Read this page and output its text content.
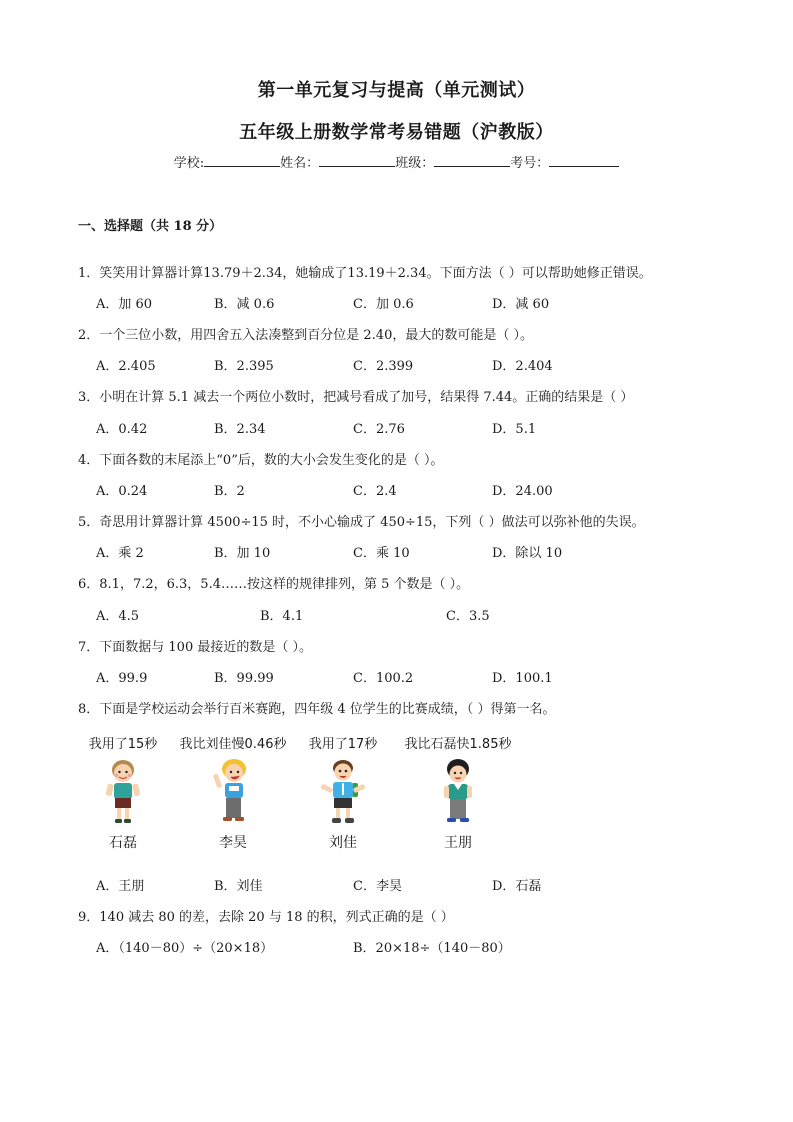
第一单元复习与提高（单元测试）
五年级上册数学常考易错题（沪教版）
学校:	姓名：	班级：	考号：
一、选择题（共 18 分）
1．笑笑用计算器计算13.79＋2.34，她输成了13.19＋2.34。下面方法（ ）可以帮助她修正错误。
A．加 60	B．减 0.6	C．加 0.6	D．减 60
2．一个三位小数，用四舍五入法凑整到百分位是 2.40，最大的数可能是（ ）。
A．2.405	B．2.395	C．2.399	D．2.404
3．小明在计算 5.1 减去一个两位小数时，把减号看成了加号，结果得 7.44。正确的结果是（ ）
A．0.42	B．2.34	C．2.76	D．5.1
4．下面各数的末尾添上“0”后，数的大小会发生变化的是（ ）。
A．0.24	B．2	C．2.4	D．24.00
5．奇思用计算器计算 4500÷15 时，不小心输成了 450÷15，下列（ ）做法可以弥补他的失误。
A．乘 2	B．加 10	C．乘 10	D．除以 10
6．8.1，7.2，6.3，5.4……按这样的规律排列，第 5 个数是（ ）。
A．4.5	B．4.1	C．3.5
7．下面数据与 100 最接近的数是（ ）。
A．99.9	B．99.99	C．100.2	D．100.1
8．下面是学校运动会举行百米赛跑，四年级 4 位学生的比赛成绩，（ ）得第一名。
我用了15秒
石磊
我比刘佳慢0.46秒
李昊
我用了17秒
刘佳
我比石磊快1.85秒
王朋
A．王朋	B．刘佳	C．李昊	D．石磊
9．140 减去 80 的差，去除 20 与 18 的积，列式正确的是（ ）
A．（140－80）÷（20×18）	B．20×18÷（140－80）
